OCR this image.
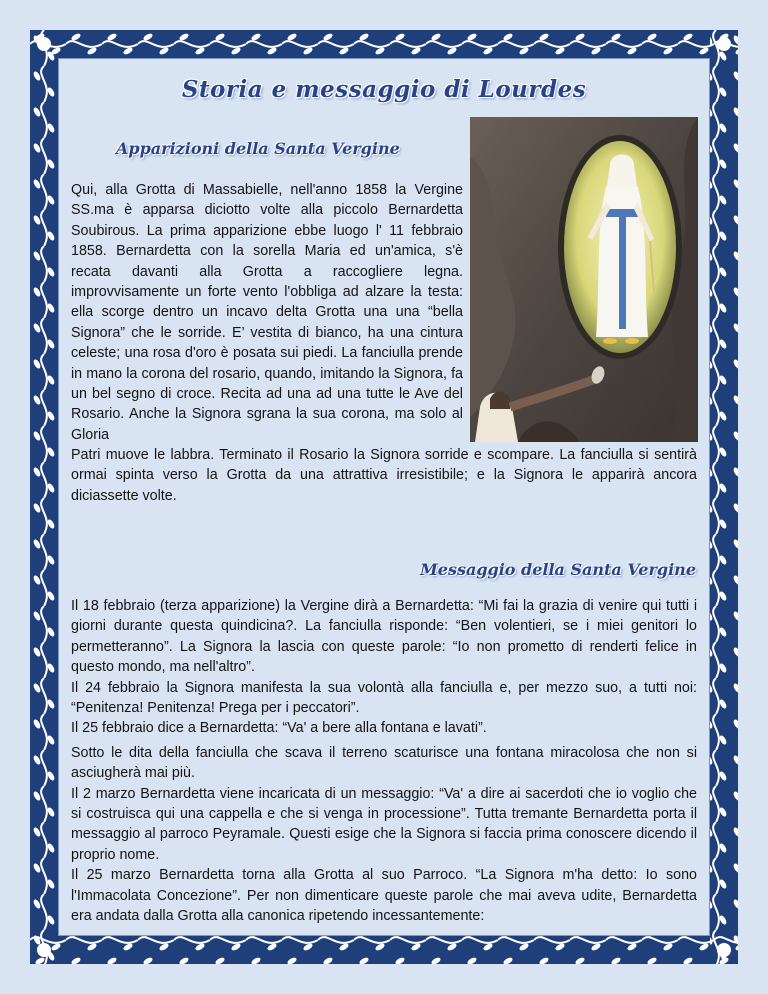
Storia e messaggio di Lourdes
Apparizioni della Santa Vergine
Qui, alla Grotta di Massabielle, nell'anno 1858 la Vergine SS.ma è apparsa diciotto volte alla piccolo Bernardetta Soubirous. La prima apparizione ebbe luogo l' 11 febbraio 1858. Bernardetta con la sorella Maria ed un'amica, s'è recata davanti alla Grotta a raccogliere legna. improvvisamente un forte vento l'obbliga ad alzare la testa: ella scorge dentro un incavo delta Grotta una una “bella Signora” che le sorride. E’ vestita di bianco, ha una cintura celeste; una rosa d'oro è posata sui piedi. La fanciulla prende in mano la corona del rosario, quando, imitando la Signora, fa un bel segno di croce. Recita ad una ad una tutte le Ave del Rosario. Anche la Signora sgrana la sua corona, ma solo al Gloria
Patri muove le labbra. Terminato il Rosario la Signora sorride e scompare. La fanciulla si sentirà ormai spinta verso la Grotta da una attrattiva irresistibile; e la Signora le apparirà ancora diciassette volte.
Messaggio della Santa Vergine

Il 18 febbraio (terza apparizione) la Vergine dirà a Bernardetta: “Mi fai la grazia di venire qui tutti i giorni durante questa quindicina?. La fanciulla risponde: “Ben volentieri, se i miei genitori lo permetteranno”. La Signora la lascia con queste parole: “Io non prometto di renderti felice in questo mondo, ma nell'altro”.

Il 24 febbraio la Signora manifesta la sua volontà alla fanciulla e, per mezzo suo, a tutti noi: “Penitenza! Penitenza! Prega per i peccatori”.

Il 25 febbraio dice a Bernardetta: “Va' a bere alla fontana e lavati”.

Sotto le dita della fanciulla che scava il terreno scaturisce una fontana miracolosa che non si asciugherà mai più.

Il 2 marzo Bernardetta viene incaricata di un messaggio: “Va' a dire ai sacerdoti che io voglio che si costruisca qui una cappella e che si venga in processione”. Tutta tremante Bernardetta porta il messaggio al parroco Peyramale. Questi esige che la Signora si faccia prima conoscere dicendo il proprio nome.

Il 25 marzo Bernardetta torna alla Grotta al suo Parroco. “La Signora m'ha detto: Io sono l'Immacolata Concezione”. Per non dimenticare queste parole che mai aveva udite, Bernardetta era andata dalla Grotta alla canonica ripetendo incessantemente:
